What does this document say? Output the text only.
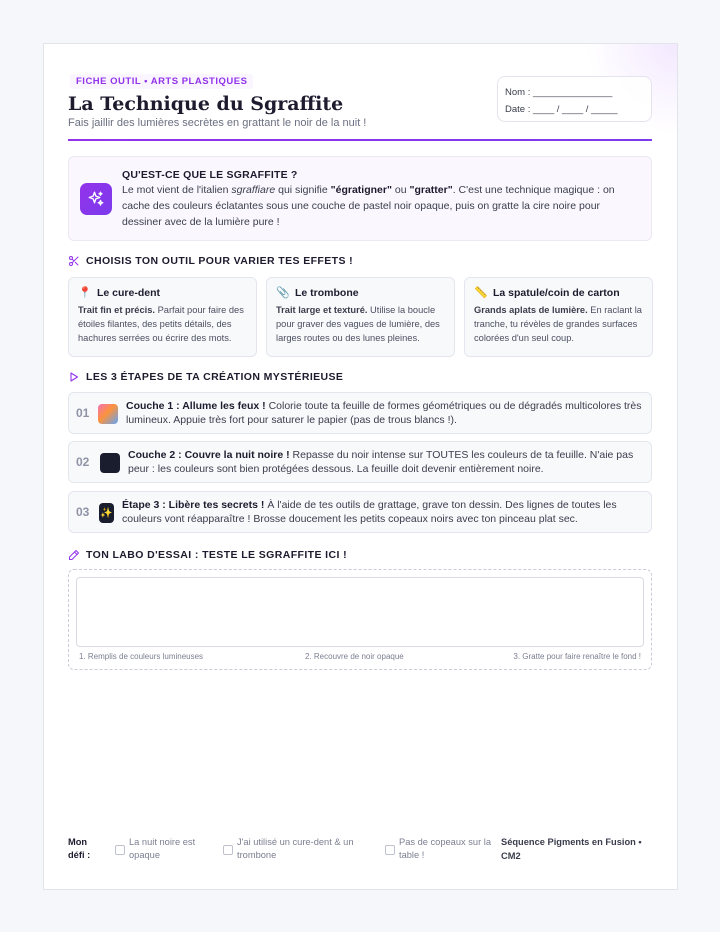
FICHE OUTIL • ARTS PLASTIQUES
La Technique du Sgraffite

Fais jaillir des lumières secrètes en grattant le noir de la nuit !

Nom : _______________
Date : ____ / ____ / _____
QU'EST-CE QUE LE SGRAFFITE ?

Le mot vient de l'italien sgraffiare qui signifie "égratigner" ou "gratter". C'est une technique magique : on cache des couleurs éclatantes sous une couche de pastel noir opaque, puis on gratte la cire noire pour dessiner avec de la lumière pure !

CHOISIS TON OUTIL POUR VARIER TES EFFETS !
📍 Le cure-dent

Trait fin et précis. Parfait pour faire des étoiles filantes, des petits détails, des hachures serrées ou écrire des mots.

📎 Le trombone

Trait large et texturé. Utilise la boucle pour graver des vagues de lumière, des larges routes ou des lunes pleines.

📏 La spatule/coin de carton

Grands aplats de lumière. En raclant la tranche, tu révèles de grandes surfaces colorées d'un seul coup.

LES 3 ÉTAPES DE TA CRÉATION MYSTÉRIEUSE
01	Couche 1 : Allume les feux ! Colorie toute ta feuille de formes géométriques ou de dégradés multicolores très lumineux. Appuie très fort pour saturer le papier (pas de trous blancs !).

02	Couche 2 : Couvre la nuit noire ! Repasse du noir intense sur TOUTES les couleurs de ta feuille. N'aie pas peur : les couleurs sont bien protégées dessous. La feuille doit devenir entièrement noire.

03 ✨

Étape 3 : Libère tes secrets ! À l'aide de tes outils de grattage, grave ton dessin. Des lignes de toutes les couleurs vont réapparaître ! Brosse doucement les petits copeaux noirs avec ton pinceau plat sec.

TON LABO D'ESSAI : TESTE LE SGRAFFITE ICI !
1. Remplis de couleurs lumineuses	2. Recouvre de noir opaque	3. Gratte pour faire renaître le fond !
Mon défi :
La nuit noire est opaque
J'ai utilisé un cure-dent & un trombone
Pas de copeaux sur la table !
Séquence Pigments en Fusion • CM2
